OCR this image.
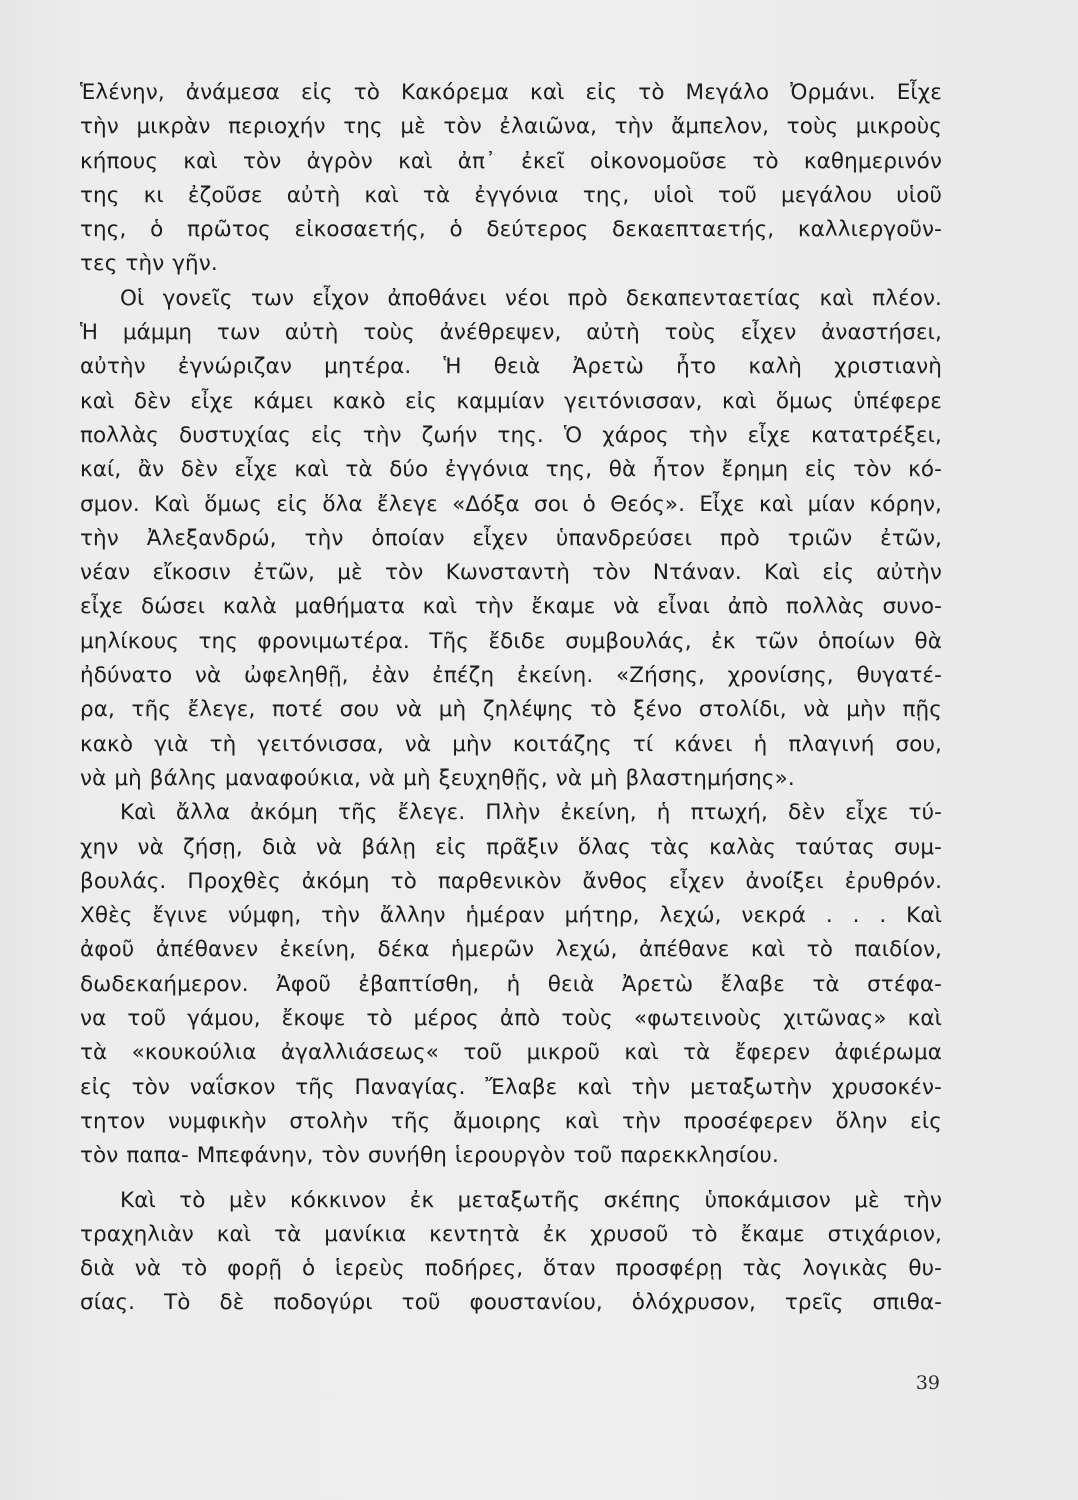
Ἑλένην, ἀνάμεσα εἰς τὸ Κακόρεμα καὶ εἰς τὸ Μεγάλο Ὀρμάνι. Εἶχε
τὴν μικρὰν περιοχήν της μὲ τὸν ἐλαιῶνα, τὴν ἄμπελον, τοὺς μικροὺς
κήπους καὶ τὸν ἀγρὸν καὶ ἀπ᾽ ἐκεῖ οἰκονομοῦσε τὸ καθημερινόν
της κι ἐζοῦσε αὐτὴ καὶ τὰ ἐγγόνια της, υἱοὶ τοῦ μεγάλου υἱοῦ
της, ὁ πρῶτος εἰκοσαετής, ὁ δεύτερος δεκαεπταετής, καλλιεργοῦν-
τες τὴν γῆν.
Οἱ γονεῖς των εἶχον ἀποθάνει νέοι πρὸ δεκαπενταετίας καὶ πλέον.
Ἡ μάμμη των αὐτὴ τοὺς ἀνέθρεψεν, αὐτὴ τοὺς εἶχεν ἀναστήσει,
αὐτὴν ἐγνώριζαν μητέρα. Ἡ θειὰ Ἀρετὼ ἦτο καλὴ χριστιανὴ
καὶ δὲν εἶχε κάμει κακὸ εἰς καμμίαν γειτόνισσαν, καὶ ὅμως ὑπέφερε
πολλὰς δυστυχίας εἰς τὴν ζωήν της. Ὁ χάρος τὴν εἶχε κατατρέξει,
καί, ἂν δὲν εἶχε καὶ τὰ δύο ἐγγόνια της, θὰ ἦτον ἔρημη εἰς τὸν κό-
σμον. Καὶ ὅμως εἰς ὅλα ἔλεγε «Δόξα σοι ὁ Θεός». Εἶχε καὶ μίαν κόρην,
τὴν Ἀλεξανδρώ, τὴν ὁποίαν εἶχεν ὑπανδρεύσει πρὸ τριῶν ἐτῶν,
νέαν εἴκοσιν ἐτῶν, μὲ τὸν Κωνσταντὴ τὸν Ντάναν. Καὶ εἰς αὐτὴν
εἶχε δώσει καλὰ μαθήματα καὶ τὴν ἔκαμε νὰ εἶναι ἀπὸ πολλὰς συνο-
μηλίκους της φρονιμωτέρα. Τῆς ἔδιδε συμβουλάς, ἐκ τῶν ὁποίων θὰ
ἠδύνατο νὰ ὠφεληθῇ, ἐὰν ἐπέζη ἐκείνη. «Ζήσης, χρονίσης, θυγατέ-
ρα, τῆς ἔλεγε, ποτέ σου νὰ μὴ ζηλέψης τὸ ξένο στολίδι, νὰ μὴν πῇς
κακὸ γιὰ τὴ γειτόνισσα, νὰ μὴν κοιτάζης τί κάνει ἡ πλαγινή σου,
νὰ μὴ βάλης μαναφούκια, νὰ μὴ ξευχηθῇς, νὰ μὴ βλαστημήσης».
Καὶ ἄλλα ἀκόμη τῆς ἔλεγε. Πλὴν ἐκείνη, ἡ πτωχή, δὲν εἶχε τύ-
χην νὰ ζήσῃ, διὰ νὰ βάλῃ εἰς πρᾶξιν ὅλας τὰς καλὰς ταύτας συμ-
βουλάς. Προχθὲς ἀκόμη τὸ παρθενικὸν ἄνθος εἶχεν ἀνοίξει ἐρυθρόν.
Χθὲς ἔγινε νύμφη, τὴν ἄλλην ἡμέραν μήτηρ, λεχώ, νεκρά . . . Καὶ
ἀφοῦ ἀπέθανεν ἐκείνη, δέκα ἡμερῶν λεχώ, ἀπέθανε καὶ τὸ παιδίον,
δωδεκαήμερον. Ἀφοῦ ἐβαπτίσθη, ἡ θειὰ Ἀρετὼ ἔλαβε τὰ στέφα-
να τοῦ γάμου, ἔκοψε τὸ μέρος ἀπὸ τοὺς «φωτεινοὺς χιτῶνας» καὶ
τὰ «κουκούλια ἀγαλλιάσεως« τοῦ μικροῦ καὶ τὰ ἔφερεν ἀφιέρωμα
εἰς τὸν ναΐσκον τῆς Παναγίας. Ἔλαβε καὶ τὴν μεταξωτὴν χρυσοκέν-
τητον νυμφικὴν στολὴν τῆς ἄμοιρης καὶ τὴν προσέφερεν ὅλην εἰς
τὸν παπα- Μπεφάνην, τὸν συνήθη ἱερουργὸν τοῦ παρεκκλησίου.
Καὶ τὸ μὲν κόκκινον ἐκ μεταξωτῆς σκέπης ὑποκάμισον μὲ τὴν
τραχηλιὰν καὶ τὰ μανίκια κεντητὰ ἐκ χρυσοῦ τὸ ἔκαμε στιχάριον,
διὰ νὰ τὸ φορῇ ὁ ἱερεὺς ποδήρες, ὅταν προσφέρῃ τὰς λογικὰς θυ-
σίας. Τὸ δὲ ποδογύρι τοῦ φουστανίου, ὁλόχρυσον, τρεῖς σπιθα-
39
